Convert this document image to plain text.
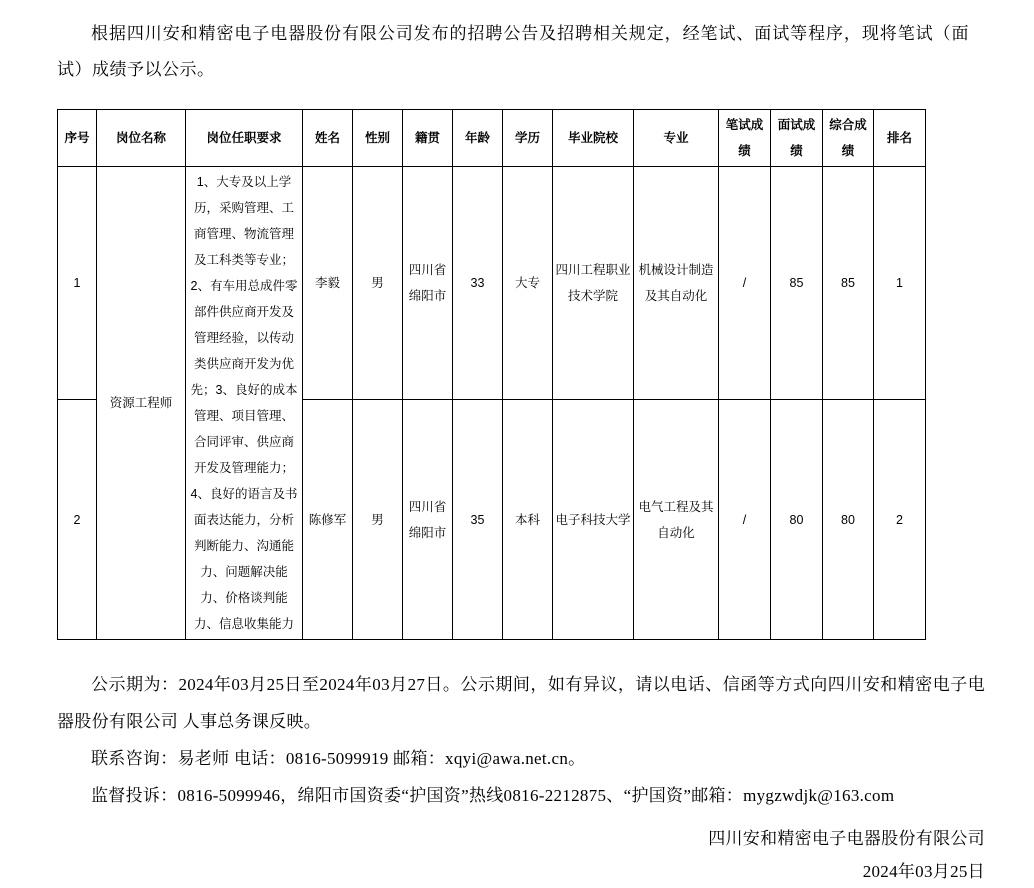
根据四川安和精密电子电器股份有限公司发布的招聘公告及招聘相关规定，经笔试、面试等程序，现将笔试（面试）成绩予以公示。

序号	岗位名称	岗位任职要求	姓名	性别	籍贯	年龄	学历	毕业院校	专业	笔试成绩	面试成绩	综合成绩	排名
1	资源工程师	1、大专及以上学历，采购管理、工商管理、物流管理及工科类等专业；2、有车用总成件零部件供应商开发及管理经验，以传动类供应商开发为优先；3、良好的成本管理、项目管理、合同评审、供应商开发及管理能力；4、良好的语言及书面表达能力，分析判断能力、沟通能力、问题解决能力、价格谈判能力、信息收集能力	李毅	男	四川省绵阳市	33	大专	四川工程职业技术学院	机械设计制造及其自动化	/	85	85	1
2			陈修军	男	四川省绵阳市	35	本科	电子科技大学	电气工程及其自动化	/	80	80	2

公示期为：2024年03月25日至2024年03月27日。公示期间，如有异议，请以电话、信函等方式向四川安和精密电子电器股份有限公司 人事总务课反映。

联系咨询：易老师 电话：0816-5099919 邮箱：xqyi@awa.net.cn。

监督投诉：0816-5099946，绵阳市国资委“护国资”热线0816-2212875、“护国资”邮箱：mygzwdjk@163.com

四川安和精密电子电器股份有限公司

2024年03月25日
